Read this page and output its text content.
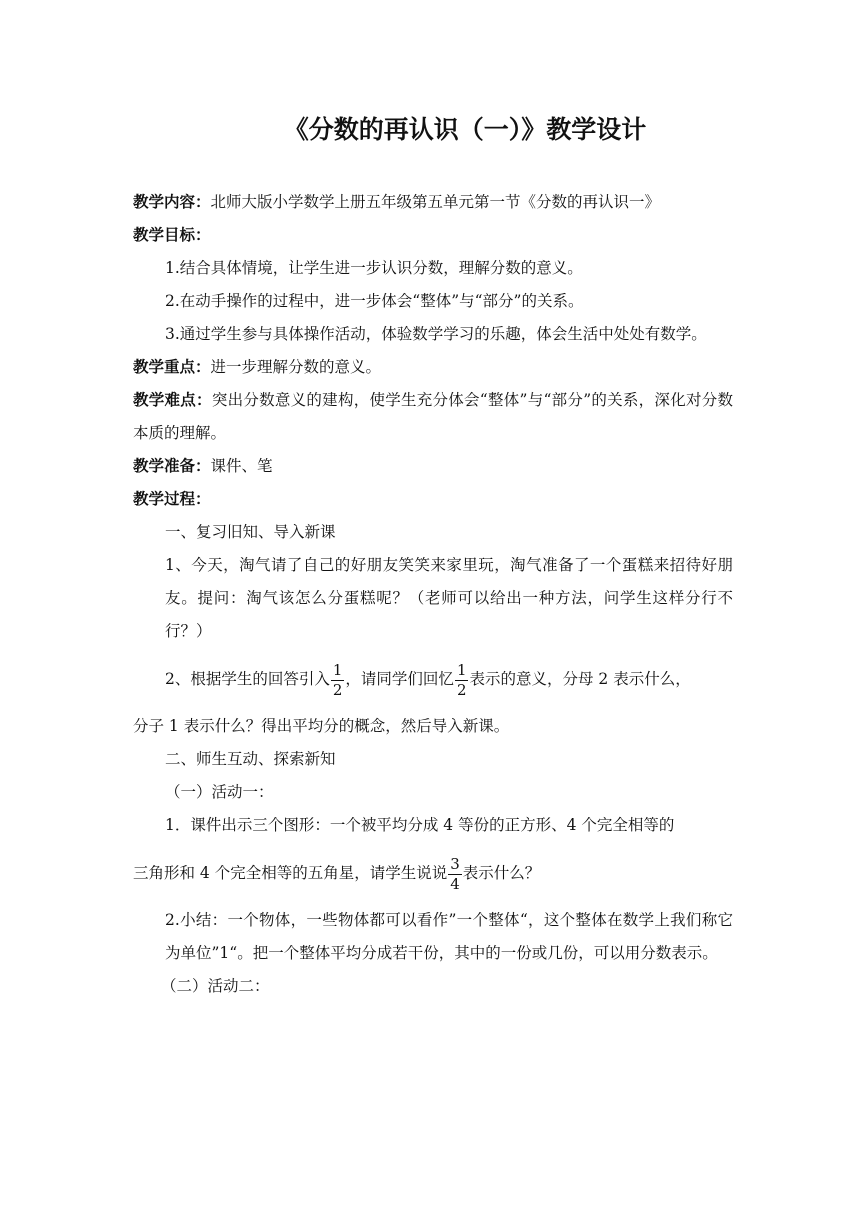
《分数的再认识（一）》教学设计
教学内容：北师大版小学数学上册五年级第五单元第一节《分数的再认识一》
教学目标：
1.结合具体情境，让学生进一步认识分数，理解分数的意义。
2.在动手操作的过程中，进一步体会“整体”与“部分”的关系。
3.通过学生参与具体操作活动，体验数学学习的乐趣，体会生活中处处有数学。
教学重点：进一步理解分数的意义。
教学难点：突出分数意义的建构，使学生充分体会“整体”与“部分”的关系，深化对分数本质的理解。
教学准备：课件、笔
教学过程：
一、复习旧知、导入新课
1、今天，淘气请了自己的好朋友笑笑来家里玩，淘气准备了一个蛋糕来招待好朋友。提问：淘气该怎么分蛋糕呢？（老师可以给出一种方法，问学生这样分行不行？）
2、根据学生的回答引入 $\frac{1}{2}$ ，请同学们回忆 $\frac{1}{2}$ 表示的意义，分母 2 表示什么，
分子 1 表示什么？得出平均分的概念，然后导入新课。
二、师生互动、探索新知
（一）活动一：
1．课件出示三个图形：一个被平均分成 4 等份的正方形、4 个完全相等的
三角形和 4 个完全相等的五角星，请学生说说 $\frac{3}{4}$ 表示什么？
2.小结：一个物体，一些物体都可以看作”一个整体“，这个整体在数学上我们称它为单位”1“。把一个整体平均分成若干份，其中的一份或几份，可以用分数表示。
（二）活动二：
